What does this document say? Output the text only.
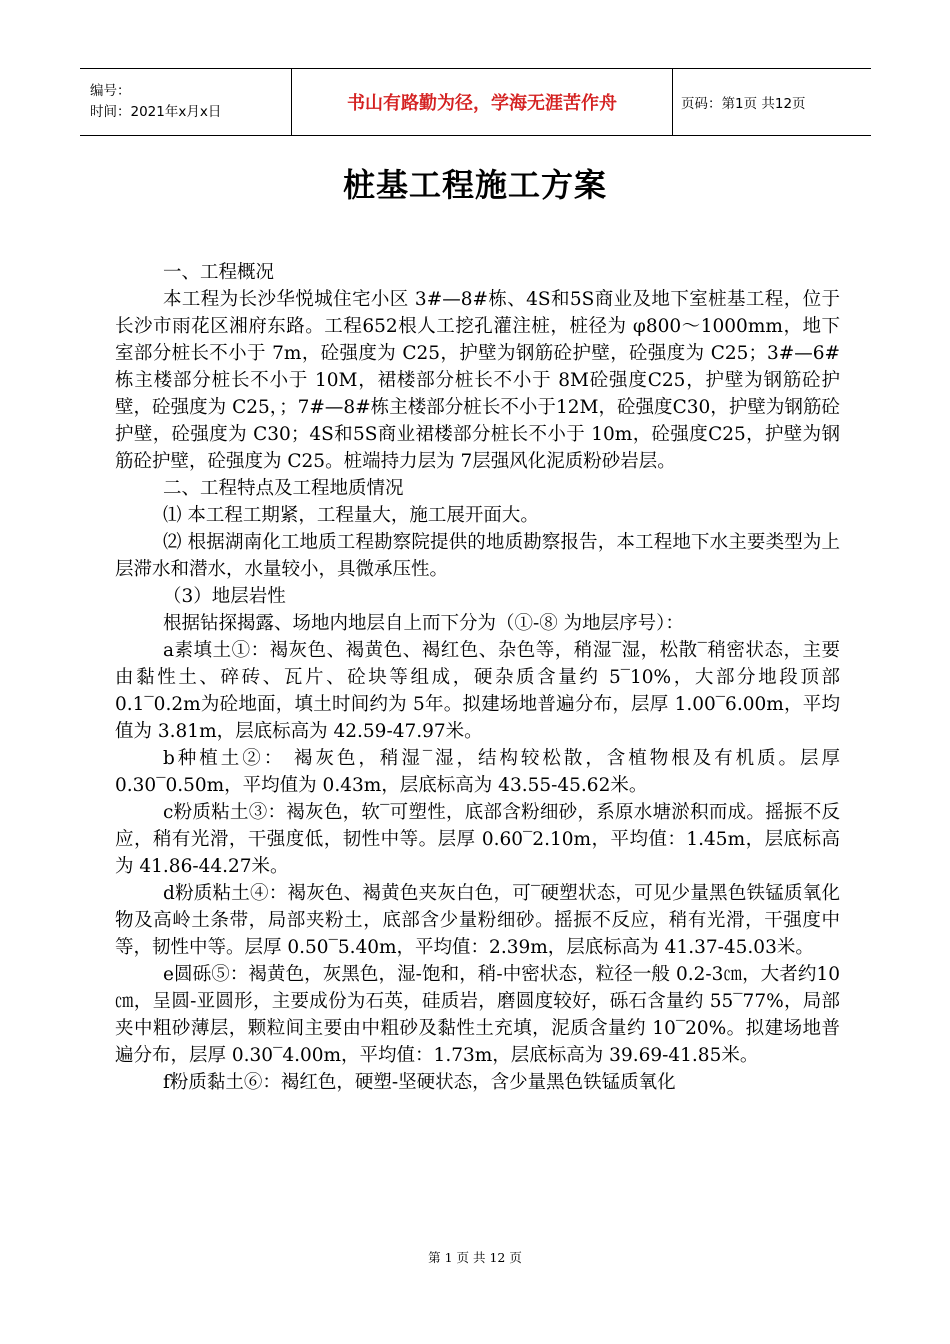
编号：
时间：2021年x月x日	书山有路勤为径，学海无涯苦作舟	页码：第1页 共12页
桩基工程施工方案

一、工程概况

本工程为长沙华悦城住宅小区 3#—8#栋、4S和5S商业及地下室桩基工程，位于长沙市雨花区湘府东路。工程652根人工挖孔灌注桩，桩径为 φ800～1000mm，地下室部分桩长不小于 7m，砼强度为 C25，护壁为钢筋砼护壁，砼强度为 C25；3#—6#栋主楼部分桩长不小于 10M，裙楼部分桩长不小于 8M砼强度C25，护壁为钢筋砼护壁，砼强度为 C25，；7#—8#栋主楼部分桩长不小于12M，砼强度C30，护壁为钢筋砼护壁，砼强度为 C30；4S和5S商业裙楼部分桩长不小于 10m，砼强度C25，护壁为钢筋砼护壁，砼强度为 C25。桩端持力层为 7层强风化泥质粉砂岩层。

二、工程特点及工程地质情况

⑴ 本工程工期紧，工程量大，施工展开面大。

⑵ 根据湖南化工地质工程勘察院提供的地质勘察报告，本工程地下水主要类型为上层滞水和潜水，水量较小，具微承压性。

（3）地层岩性

根据钻探揭露、场地内地层自上而下分为（①-⑧ 为地层序号）：

a素填土①：褐灰色、褐黄色、褐红色、杂色等，稍湿‾湿，松散‾稍密状态，主要由黏性土、碎砖、瓦片、砼块等组成，硬杂质含量约 5‾10%，大部分地段顶部 0.1‾0.2m为砼地面，填土时间约为 5年。拟建场地普遍分布，层厚 1.00‾6.00m，平均值为 3.81m，层底标高为 42.59-47.97米。

b种植土②： 褐灰色，稍湿‾湿，结构较松散，含植物根及有机质。层厚 0.30‾0.50m，平均值为 0.43m，层底标高为 43.55-45.62米。

c粉质粘土③：褐灰色，软‾可塑性，底部含粉细砂，系原水塘淤积而成。摇振不反应，稍有光滑，干强度低，韧性中等。层厚 0.60‾2.10m，平均值：1.45m，层底标高为 41.86-44.27米。

d粉质粘土④：褐灰色、褐黄色夹灰白色，可‾硬塑状态，可见少量黑色铁锰质氧化物及高岭土条带，局部夹粉土，底部含少量粉细砂。摇振不反应，稍有光滑，干强度中等，韧性中等。层厚 0.50‾5.40m，平均值：2.39m，层底标高为 41.37-45.03米。

e圆砾⑤：褐黄色，灰黑色，湿-饱和，稍-中密状态，粒径一般 0.2-3㎝，大者约10㎝，呈圆-亚圆形，主要成份为石英，硅质岩，磨圆度较好，砾石含量约 55‾77%，局部夹中粗砂薄层，颗粒间主要由中粗砂及黏性土充填，泥质含量约 10‾20%。拟建场地普遍分布，层厚 0.30‾4.00m，平均值：1.73m，层底标高为 39.69-41.85米。

f粉质黏土⑥：褐红色，硬塑-坚硬状态，含少量黑色铁锰质氧化

第 1 页 共 12 页
